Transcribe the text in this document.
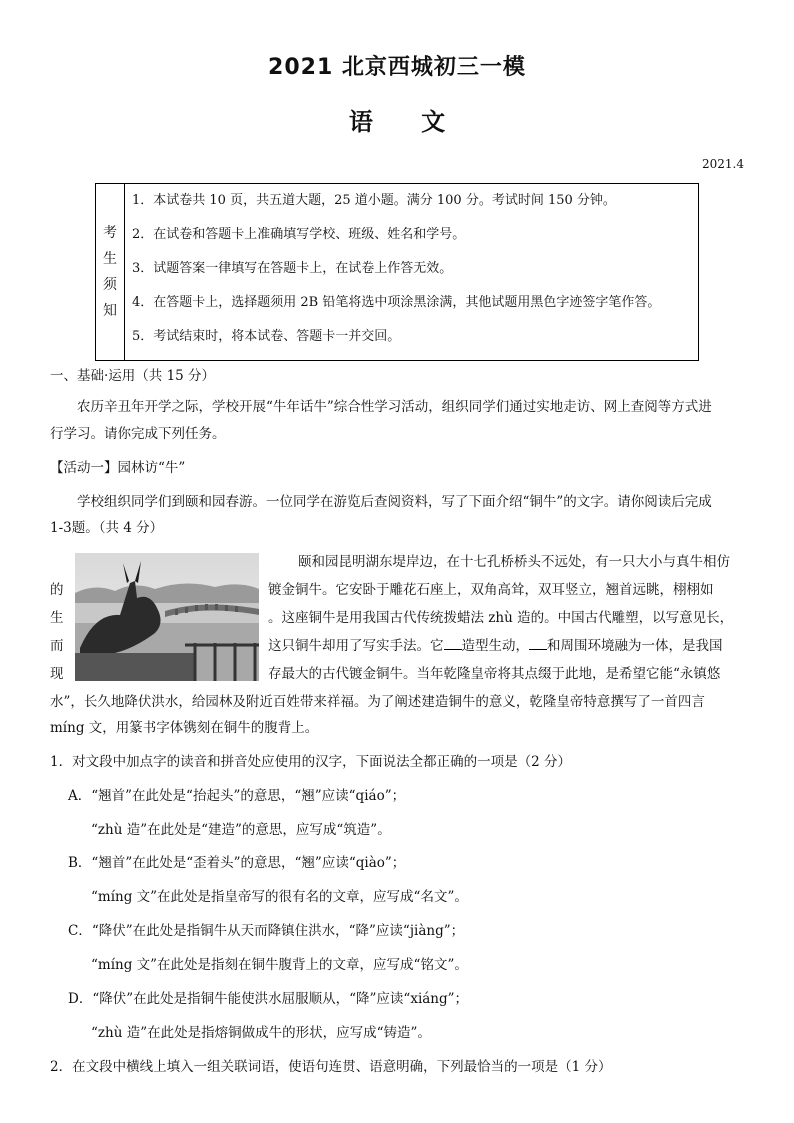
2021 北京西城初三一模
语 文
2021.4
考
生
须
知
1．本试卷共 10 页，共五道大题，25 道小题。满分 100 分。考试时间 150 分钟。
2．在试卷和答题卡上准确填写学校、班级、姓名和学号。
3．试题答案一律填写在答题卡上，在试卷上作答无效。
4．在答题卡上，选择题须用 2B 铅笔将选中项涂黑涂满，其他试题用黑色字迹签字笔作答。
5．考试结束时，将本试卷、答题卡一并交回。
一、基础·运用（共 15 分）
农历辛丑年开学之际，学校开展“牛年话牛”综合性学习活动，组织同学们通过实地走访、网上查阅等方式进
行学习。请你完成下列任务。
【活动一】园林访“牛”
学校组织同学们到颐和园春游。一位同学在游览后查阅资料，写了下面介绍“铜牛”的文字。请你阅读后完成
1-3题。（共 4 分）
颐和园昆明湖东堤岸边，在十七孔桥桥头不远处，有一只大小与真牛相仿
的	镀金铜牛。它安卧于雕花石座上，双角高耸，双耳竖立，翘首远眺，栩栩如
生	。这座铜牛是用我国古代传统拨蜡法 zhù 造的。中国古代雕塑，以写意见长，
而	这只铜牛却用了写实手法。它 造型生动， 和周围环境融为一体，是我国
现	存最大的古代镀金铜牛。当年乾隆皇帝将其点缀于此地，是希望它能“永镇悠
水”，长久地降伏洪水，给园林及附近百姓带来祥福。为了阐述建造铜牛的意义，乾隆皇帝特意撰写了一首四言
míng 文，用篆书字体镌刻在铜牛的腹背上。
1．对文段中加点字的读音和拼音处应使用的汉字，下面说法全都正确的一项是（2 分）
A．“翘首”在此处是“抬起头”的意思，“翘”应读“qiáo”；
“zhù 造”在此处是“建造”的意思，应写成“筑造”。
B．“翘首”在此处是“歪着头”的意思，“翘”应读“qiào”；
“míng 文”在此处是指皇帝写的很有名的文章，应写成“名文”。
C．“降伏”在此处是指铜牛从天而降镇住洪水，“降”应读“jiàng”；
“míng 文”在此处是指刻在铜牛腹背上的文章，应写成“铭文”。
D．“降伏”在此处是指铜牛能使洪水屈服顺从，“降”应读“xiáng”；
“zhù 造”在此处是指熔铜做成牛的形状，应写成“铸造”。
2．在文段中横线上填入一组关联词语，使语句连贯、语意明确，下列最恰当的一项是（1 分）
